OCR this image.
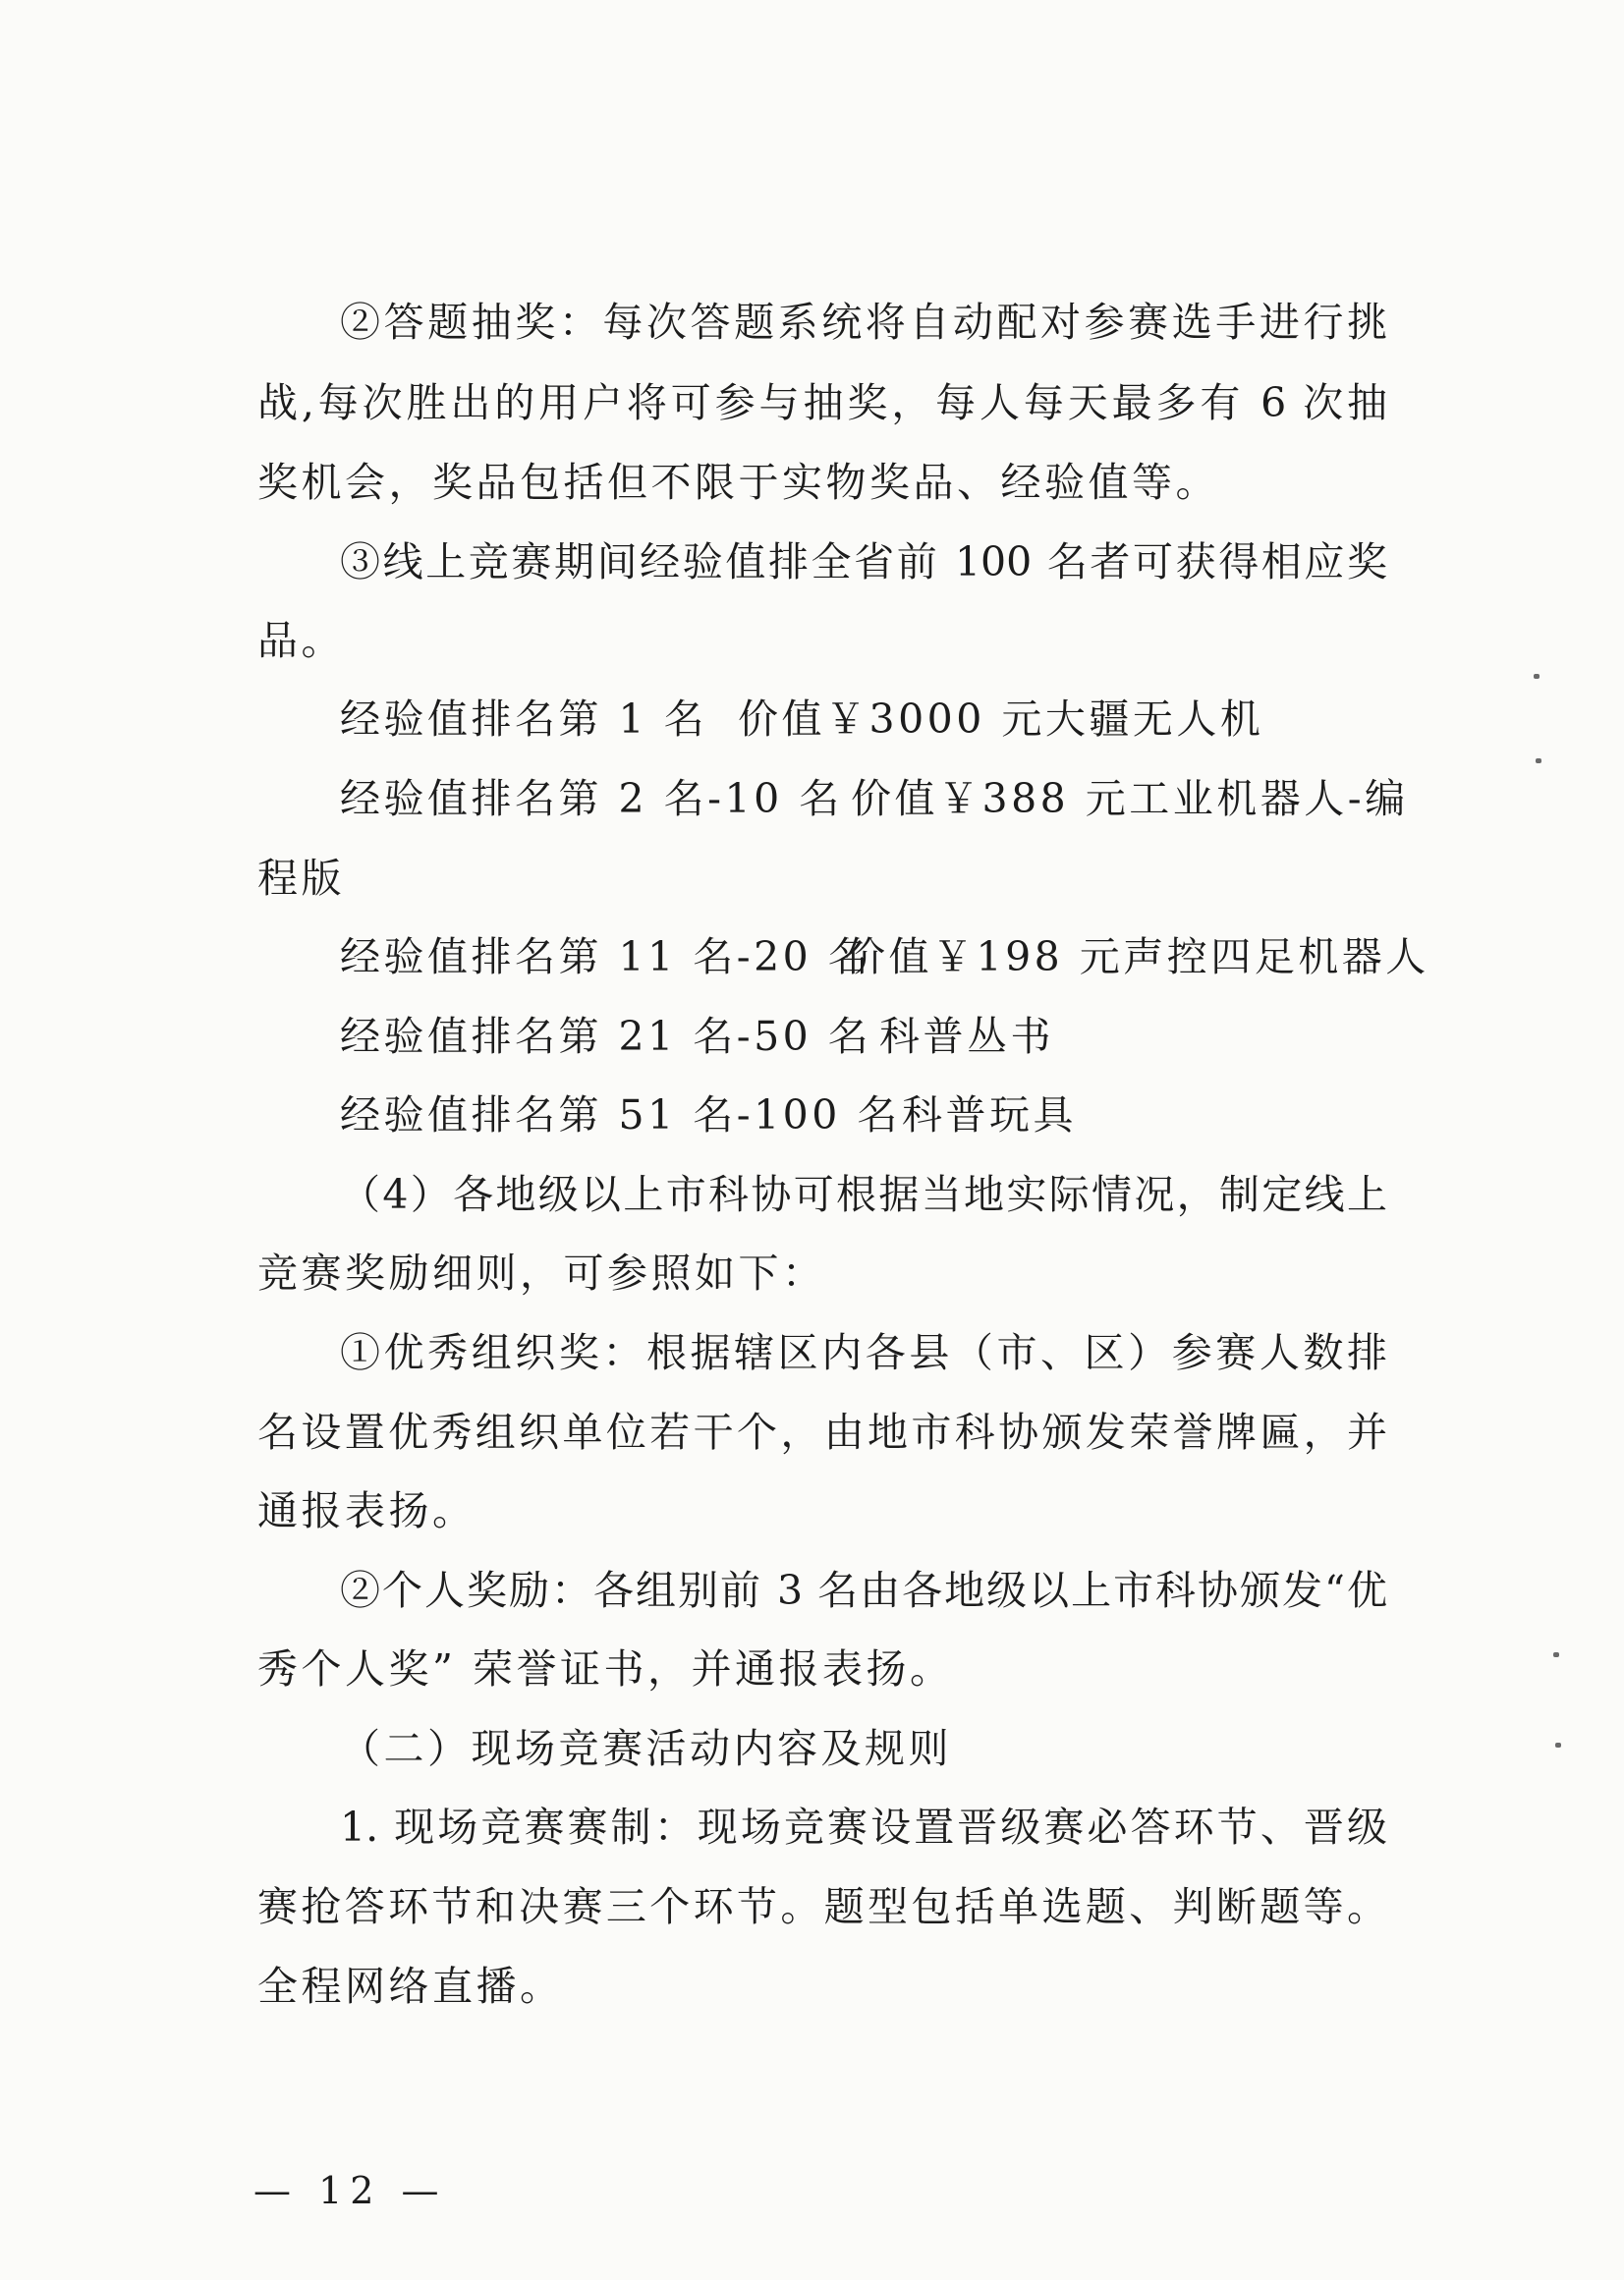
②答题抽奖：每次答题系统将自动配对参赛选手进行挑
战,每次胜出的用户将可参与抽奖，每人每天最多有 6 次抽
奖机会，奖品包括但不限于实物奖品、经验值等。
③线上竞赛期间经验值排全省前 100 名者可获得相应奖
品。
经验值排名第 1 名 价值￥3000 元大疆无人机
经验值排名第 2 名-10 名 价值￥388 元工业机器人-编
程版
经验值排名第 11 名-20 名
价值￥198 元声控四足机器人
经验值排名第 21 名-50 名 科普丛书
经验值排名第 51 名-100 名 科普玩具
（4）各地级以上市科协可根据当地实际情况，制定线上
竞赛奖励细则，可参照如下：
①优秀组织奖：根据辖区内各县（市、区）参赛人数排
名设置优秀组织单位若干个，由地市科协颁发荣誉牌匾，并
通报表扬。
②个人奖励：各组别前 3 名由各地级以上市科协颁发“优
秀个人奖” 荣誉证书，并通报表扬。
（二）现场竞赛活动内容及规则
1. 现场竞赛赛制：现场竞赛设置晋级赛必答环节、晋级
赛抢答环节和决赛三个环节。题型包括单选题、判断题等。
全程网络直播。
— 12 —
